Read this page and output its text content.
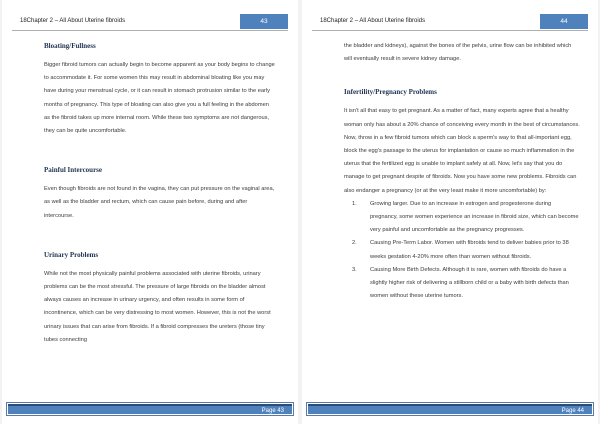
18Chapter 2 – All About Uterine fibroids	43
Bloating/Fullness

Bigger fibroid tumors can actually begin to become apparent as your body begins to change to accommodate it. For some women this may result in abdominal bloating like you may have during your menstrual cycle, or it can result in stomach protrusion similar to the early months of pregnancy. This type of bloating can also give you a full feeling in the abdomen as the fibroid takes up more internal room. While these two symptoms are not dangerous, they can be quite uncomfortable.

Painful Intercourse

Even though fibroids are not found in the vagina, they can put pressure on the vaginal area, as well as the bladder and rectum, which can cause pain before, during and after intercourse.

Urinary Problems

While not the most physically painful problems associated with uterine fibroids, urinary problems can be the most stressful. The pressure of large fibroids on the bladder almost always causes an increase in urinary urgency, and often results in some form of incontinence, which can be very distressing to most women. However, this is not the worst urinary issues that can arise from fibroids. If a fibroid compresses the ureters (those tiny tubes connecting

Page 43
18Chapter 2 – All About Uterine fibroids	44

the bladder and kidneys), against the bones of the pelvis, urine flow can be inhibited which will eventually result in severe kidney damage.

Infertility/Pregnancy Problems

It isn't all that easy to get pregnant. As a matter of fact, many experts agree that a healthy woman only has about a 20% chance of conceiving every month in the best of circumstances. Now, throw in a few fibroid tumors which can block a sperm's way to that all-important egg, block the egg's passage to the uterus for implantation or cause so much inflammation in the uterus that the fertilized egg is unable to implant safely at all. Now, let's say that you do manage to get pregnant despite of fibroids. Now you have some new problems. Fibroids can also endanger a pregnancy (or at the very least make it more uncomfortable) by:

1. Growing larger. Due to an increase in estrogen and progesterone during pregnancy, some women experience an increase in fibroid size, which can become very painful and uncomfortable as the pregnancy progresses.
2. Causing Pre-Term Labor. Women with fibroids tend to deliver babies prior to 38 weeks gestation 4-20% more often than women without fibroids.
3. Causing More Birth Defects. Although it is rare, women with fibroids do have a slightly higher risk of delivering a stillborn child or a baby with birth defects than women without these uterine tumors.
Page 44
